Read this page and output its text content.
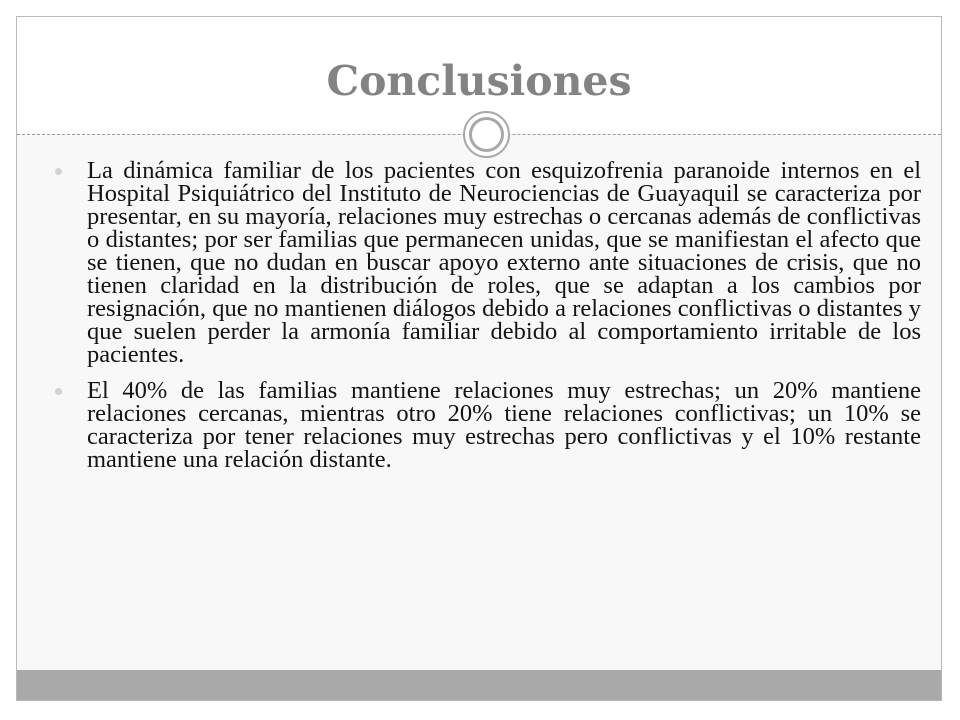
Conclusiones
La dinámica familiar de los pacientes con esquizofrenia paranoide internos en el Hospital Psiquiátrico del Instituto de Neurociencias de Guayaquil se caracteriza por presentar, en su mayoría, relaciones muy estrechas o cercanas además de conflictivas o distantes; por ser familias que permanecen unidas, que se manifiestan el afecto que se tienen, que no dudan en buscar apoyo externo ante situaciones de crisis, que no tienen claridad en la distribución de roles, que se adaptan a los cambios por resignación, que no mantienen diálogos debido a relaciones conflictivas o distantes y que suelen perder la armonía familiar debido al comportamiento irritable de los pacientes.
El 40% de las familias mantiene relaciones muy estrechas; un 20% mantiene relaciones cercanas, mientras otro 20% tiene relaciones conflictivas; un 10% se caracteriza por tener relaciones muy estrechas pero conflictivas y el 10% restante mantiene una relación distante.
